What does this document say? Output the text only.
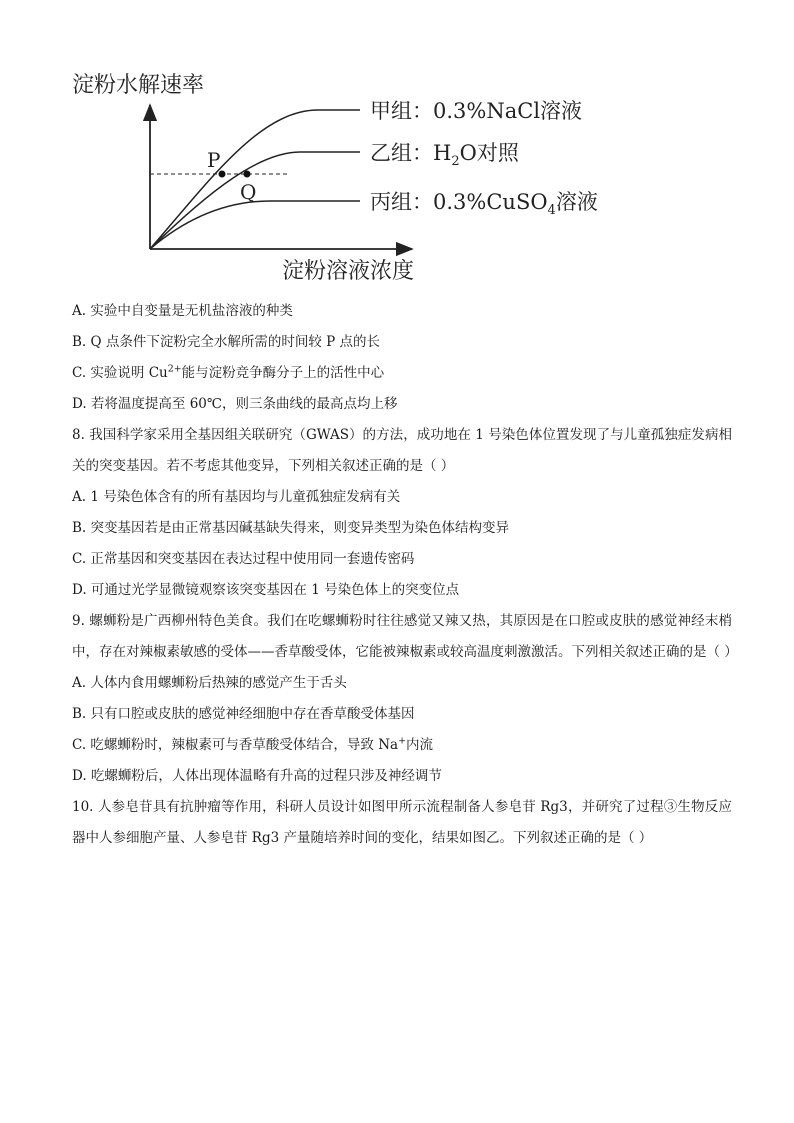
淀粉水解速率
淀粉溶液浓度
P
Q
甲组：0.3%NaCl溶液
乙组：$H_2O$对照
丙组：0.3%CuSO$_4$溶液
A. 实验中自变量是无机盐溶液的种类
B. Q 点条件下淀粉完全水解所需的时间较 P 点的长
C. 实验说明 $Cu^{2+}$能与淀粉竞争酶分子上的活性中心
D. 若将温度提高至 60℃，则三条曲线的最高点均上移
8. 我国科学家采用全基因组关联研究（GWAS）的方法，成功地在 1 号染色体位置发现了与儿童孤独症发病相关的突变基因。若不考虑其他变异，下列相关叙述正确的是（ ）
A. 1 号染色体含有的所有基因均与儿童孤独症发病有关
B. 突变基因若是由正常基因碱基缺失得来，则变异类型为染色体结构变异
C. 正常基因和突变基因在表达过程中使用同一套遗传密码
D. 可通过光学显微镜观察该突变基因在 1 号染色体上的突变位点
9. 螺蛳粉是广西柳州特色美食。我们在吃螺蛳粉时往往感觉又辣又热，其原因是在口腔或皮肤的感觉神经末梢中，存在对辣椒素敏感的受体——香草酸受体，它能被辣椒素或较高温度刺激激活。下列相关叙述正确的是（ ）
A. 人体内食用螺蛳粉后热辣的感觉产生于舌头
B. 只有口腔或皮肤的感觉神经细胞中存在香草酸受体基因
C. 吃螺蛳粉时，辣椒素可与香草酸受体结合，导致 Na+内流
D. 吃螺蛳粉后，人体出现体温略有升高的过程只涉及神经调节
10. 人参皂苷具有抗肿瘤等作用，科研人员设计如图甲所示流程制备人参皂苷 Rg3，并研究了过程③生物反应器中人参细胞产量、人参皂苷 Rg3 产量随培养时间的变化，结果如图乙。下列叙述正确的是（ ）
